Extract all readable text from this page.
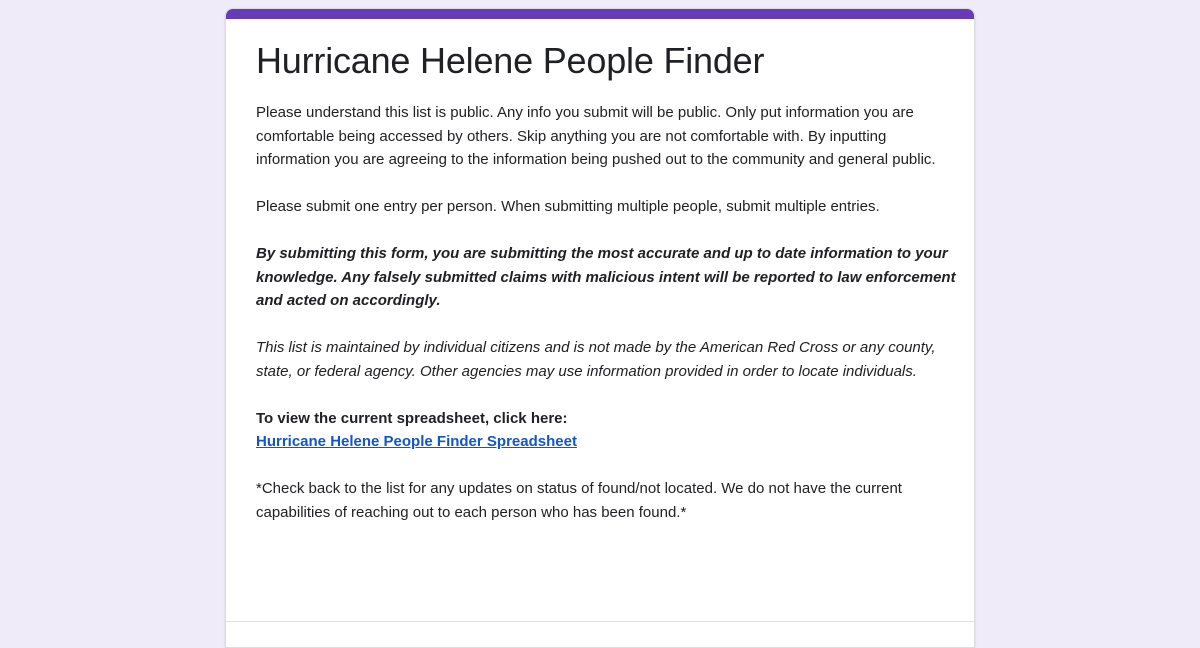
Hurricane Helene People Finder

Please understand this list is public. Any info you submit will be public. Only put information you are comfortable being accessed by others. Skip anything you are not comfortable with. By inputting information you are agreeing to the information being pushed out to the community and general public.

Please submit one entry per person. When submitting multiple people, submit multiple entries.

By submitting this form, you are submitting the most accurate and up to date information to your knowledge. Any falsely submitted claims with malicious intent will be reported to law enforcement and acted on accordingly.

This list is maintained by individual citizens and is not made by the American Red Cross or any county, state, or federal agency. Other agencies may use information provided in order to locate individuals.

To view the current spreadsheet, click here:
Hurricane Helene People Finder Spreadsheet

*Check back to the list for any updates on status of found/not located. We do not have the current capabilities of reaching out to each person who has been found.*
